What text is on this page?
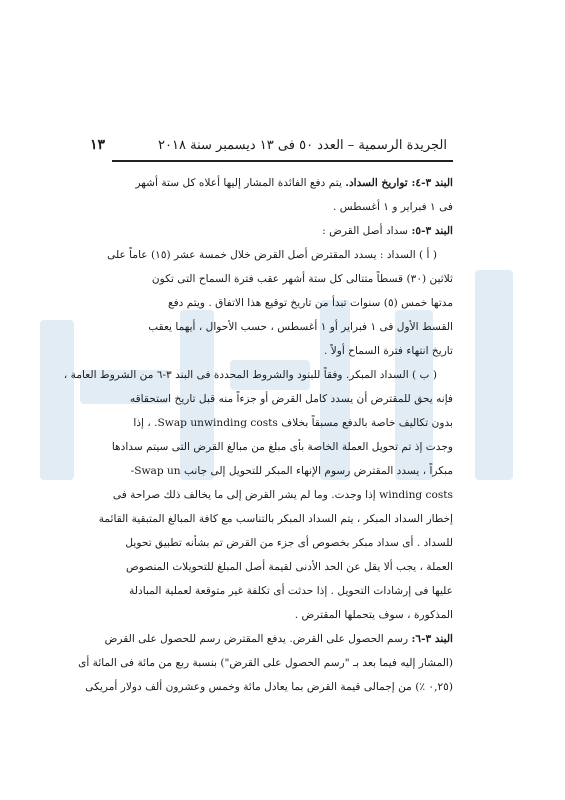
١٣	الجريدة الرسمية – العدد ٥٠ فى ١٣ ديسمبر سنة ٢٠١٨
البند ٣-٤: تواريخ السداد. يتم دفع الفائدة المشار إليها أعلاه كل ستة أشهر
فى ١ فبراير و ١ أغسطس .
البند ٣-٥: سداد أصل القرض :
( أ ) السداد : يسدد المقترض أصل القرض خلال خمسة عشر (١٥) عاماً على
ثلاثين (٣٠) قسطاً متتالى كل ستة أشهر عقب فترة السماح التى تكون
مدتها خمس (٥) سنوات تبدأ من تاريخ توقيع هذا الاتفاق . ويتم دفع
القسط الأول فى ١ فبراير أو ١ أغسطس ، حسب الأحوال ، أيهما يعقب
تاريخ انتهاء فترة السماح أولاً .
( ب ) السداد المبكر. وفقاً للبنود والشروط المحددة فى البند ٣-٦ من الشروط العامة ،
فإنه يحق للمقترض أن يسدد كامل القرض أو جزءاً منه قبل تاريخ استحقاقه
بدون تكاليف خاصة بالدفع مسبقاً بخلاف Swap unwinding costs. ، إذا
وجدت إذ تم تحويل العملة الخاصة بأى مبلغ من مبالغ القرض التى سيتم سدادها
مبكراً ، يسدد المقترض رسوم الإنهاء المبكر للتحويل إلى جانب Swap un-
winding costs إذا وجدت. وما لم يشر القرض إلى ما يخالف ذلك صراحة فى
إخطار السداد المبكر ، يتم السداد المبكر بالتناسب مع كافة المبالغ المتبقية القائمة
للسداد . أى سداد مبكر بخصوص أى جزء من القرض تم بشأنه تطبيق تحويل
العملة ، يجب ألا يقل عن الحد الأدنى لقيمة أصل المبلغ للتحويلات المنصوص
عليها فى إرشادات التحويل . إذا حدثت أى تكلفة غير متوقعة لعملية المبادلة
المذكورة ، سوف يتحملها المقترض .
البند ٣-٦: رسم الحصول على القرض. يدفع المقترض رسم للحصول على القرض
(المشار إليه فيما بعد بـ "رسم الحصول على القرض") بنسبة ربع من مائة فى المائة أى
(٠,٢٥ ٪) من إجمالى قيمة القرض بما يعادل مائة وخمس وعشرون ألف دولار أمريكى
